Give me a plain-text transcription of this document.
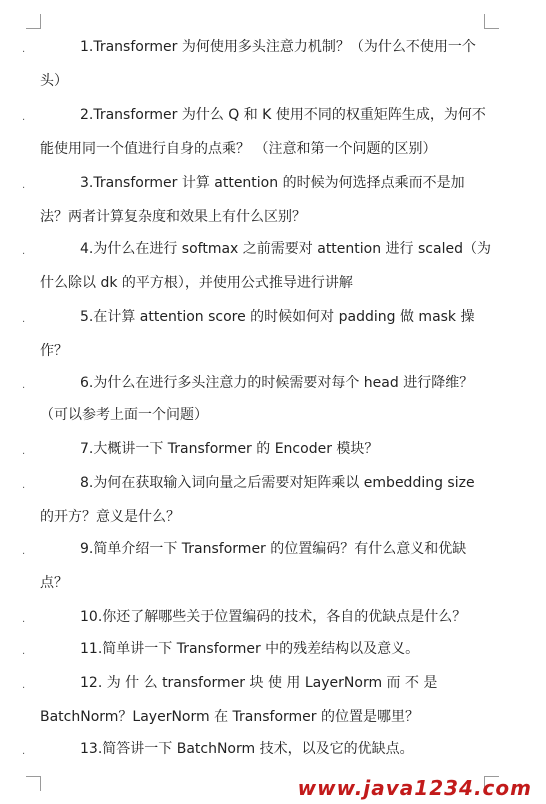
1.Transformer 为何使用多头注意力机制？（为什么不使用一个
头）
2.Transformer 为什么 Q 和 K 使用不同的权重矩阵生成，为何不
能使用同一个值进行自身的点乘？ （注意和第一个问题的区别）
3.Transformer 计算 attention 的时候为何选择点乘而不是加
法？两者计算复杂度和效果上有什么区别？
4.为什么在进行 softmax 之前需要对 attention 进行 scaled（为
什么除以 dk 的平方根），并使用公式推导进行讲解
5.在计算 attention score 的时候如何对 padding 做 mask 操
作？
6.为什么在进行多头注意力的时候需要对每个 head 进行降维？
（可以参考上面一个问题）
7.大概讲一下 Transformer 的 Encoder 模块？
8.为何在获取输入词向量之后需要对矩阵乘以 embedding size
的开方？意义是什么？
9.简单介绍一下 Transformer 的位置编码？有什么意义和优缺
点？
10.你还了解哪些关于位置编码的技术，各自的优缺点是什么？
11.简单讲一下 Transformer 中的残差结构以及意义。
12. 为 什 么 transformer 块 使 用 LayerNorm 而 不 是
BatchNorm？LayerNorm 在 Transformer 的位置是哪里？
13.简答讲一下 BatchNorm 技术，以及它的优缺点。
·
·
·
·
·
·
·
·
·
·
·
·
·
www.java1234.com
